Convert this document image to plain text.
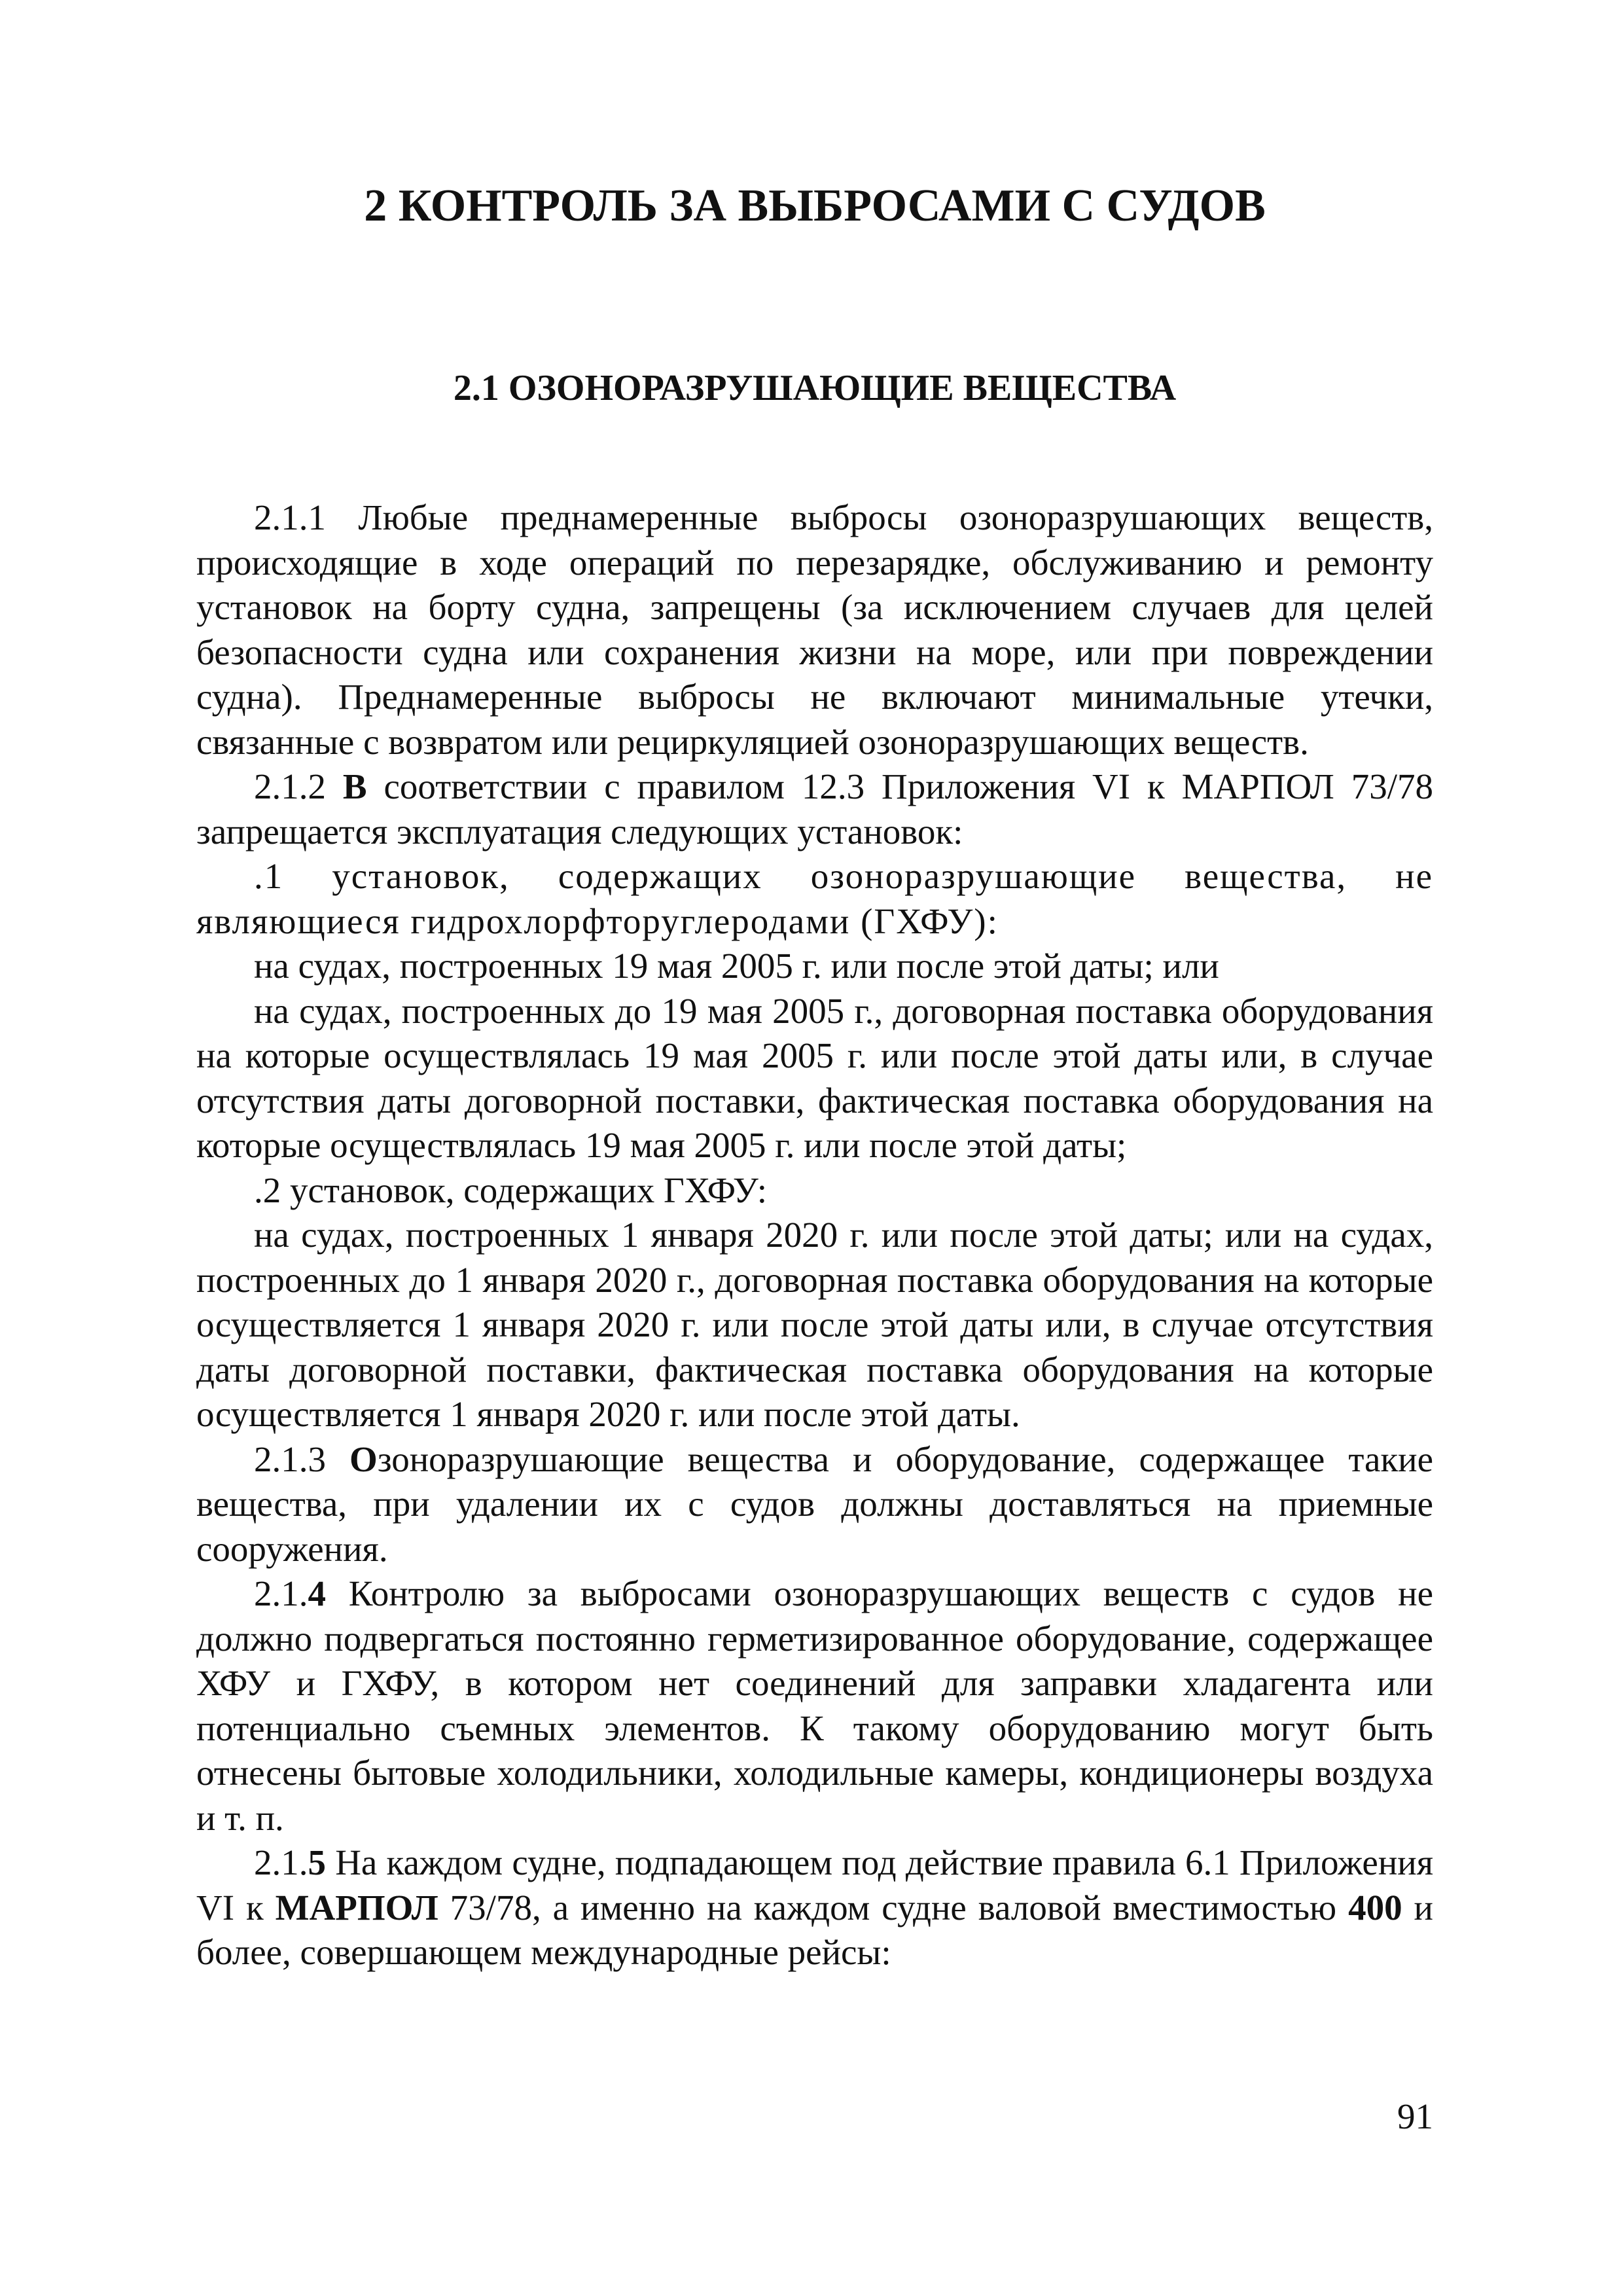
2 КОНТРОЛЬ ЗА ВЫБРОСАМИ С СУДОВ
2.1 ОЗОНОРАЗРУШАЮЩИЕ ВЕЩЕСТВА

2.1.1 Любые преднамеренные выбросы озоноразрушающих веществ, происходящие в ходе операций по перезарядке, обслуживанию и ремонту установок на борту судна, запрещены (за исключением случаев для целей безопасности судна или сохранения жизни на море, или при повреждении судна). Преднамеренные выбросы не включают минимальные утечки, связанные с возвратом или рециркуляцией озоноразрушающих веществ.

2.1.2 В соответствии с правилом 12.3 Приложения VI к МАРПОЛ 73/78 запрещается эксплуатация следующих установок:

.1 установок, содержащих озоноразрушающие вещества, не являющиеся гидрохлорфторуглеродами (ГХФУ):

на судах, построенных 19 мая 2005 г. или после этой даты; или

на судах, построенных до 19 мая 2005 г., договорная поставка оборудования на которые осуществлялась 19 мая 2005 г. или после этой даты или, в случае отсутствия даты договорной поставки, фактическая поставка оборудования на которые осуществлялась 19 мая 2005 г. или после этой даты;

.2 установок, содержащих ГХФУ:

на судах, построенных 1 января 2020 г. или после этой даты; или на судах, построенных до 1 января 2020 г., договорная поставка оборудования на которые осуществляется 1 января 2020 г. или после этой даты или, в случае отсутствия даты договорной поставки, фактическая поставка оборудования на которые осуществляется 1 января 2020 г. или после этой даты.

2.1.3 Озоноразрушающие вещества и оборудование, содержащее такие вещества, при удалении их с судов должны доставляться на приемные сооружения.

2.1.4 Контролю за выбросами озоноразрушающих веществ с судов не должно подвергаться постоянно герметизированное оборудование, содержащее ХФУ и ГХФУ, в котором нет соединений для заправки хладагента или потенциально съемных элементов. К такому оборудованию могут быть отнесены бытовые холодильники, холодильные камеры, кондиционеры воздуха и т. п.

2.1.5 На каждом судне, подпадающем под действие правила 6.1 Приложения VI к МАРПОЛ 73/78, а именно на каждом судне валовой вместимостью 400 и более, совершающем международные рейсы:

91
